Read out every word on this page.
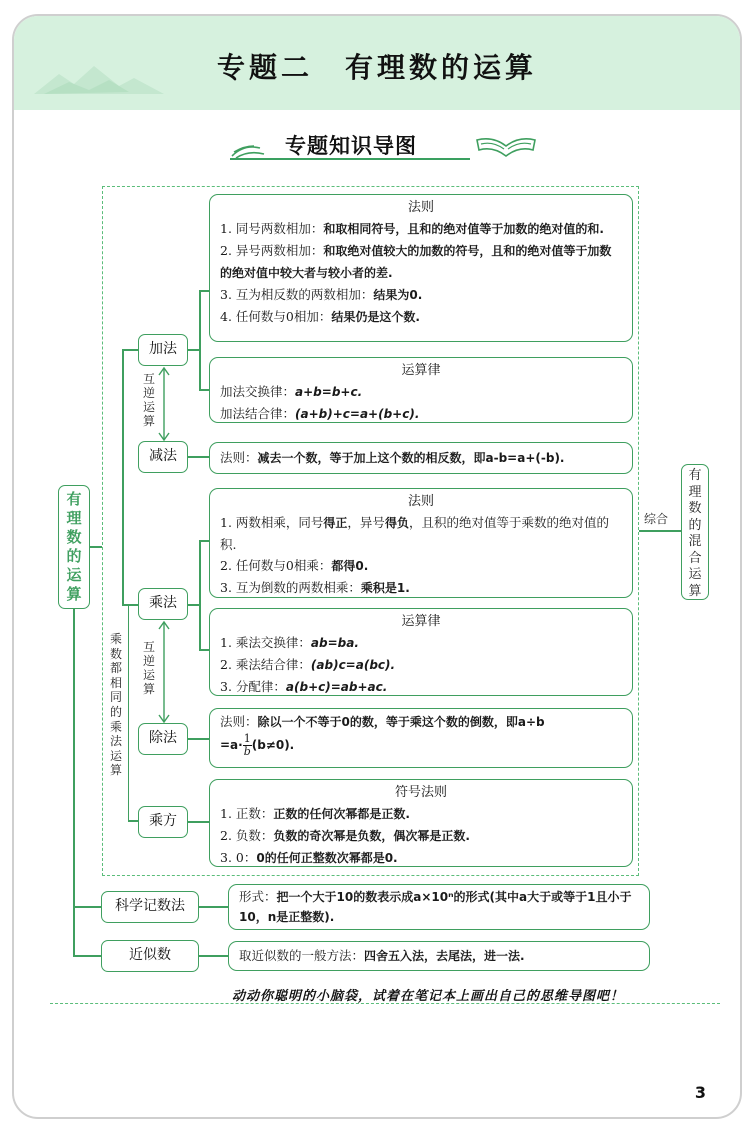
专题二　有理数的运算
专题知识导图
有理数的运算
加法
减法
乘法
除法
乘方
科学记数法
近似数
互逆运算
互逆运算
乘数都相同的乘法运算
法则

1. 同号两数相加：和取相同符号，且和的绝对值等于加数的绝对值的和.

2. 异号两数相加：和取绝对值较大的加数的符号，且和的绝对值等于加数的绝对值中较大者与较小者的差.

3. 互为相反数的两数相加：结果为0.

4. 任何数与0相加：结果仍是这个数.

运算律

加法交换律：a+b=b+c.

加法结合律：(a+b)+c=a+(b+c).

法则：减去一个数，等于加上这个数的相反数，即a-b=a+(-b).
法则

1. 两数相乘，同号得正，异号得负，且积的绝对值等于乘数的绝对值的积.

2. 任何数与0相乘：都得0.

3. 互为倒数的两数相乘：乘积是1.

运算律

1. 乘法交换律：ab=ba.

2. 乘法结合律：(ab)c=a(bc).

3. 分配律：a(b+c)=ab+ac.

法则：除以一个不等于0的数，等于乘这个数的倒数，即a÷b

$=a\cdot \frac{1}{b} (b\ne 0)$.

符号法则

1. 正数：正数的任何次幂都是正数.

2. 负数：负数的奇次幂是负数，偶次幂是正数.

3. 0：0的任何正整数次幂都是0.

形式：把一个大于10的数表示成a×10ⁿ的形式(其中a大于或等于1且小于10，n是正整数).
取近似数的一般方法：四舍五入法，去尾法，进一法.
综合
有理数的混合运算
动动你聪明的小脑袋，试着在笔记本上画出自己的思维导图吧！
3
